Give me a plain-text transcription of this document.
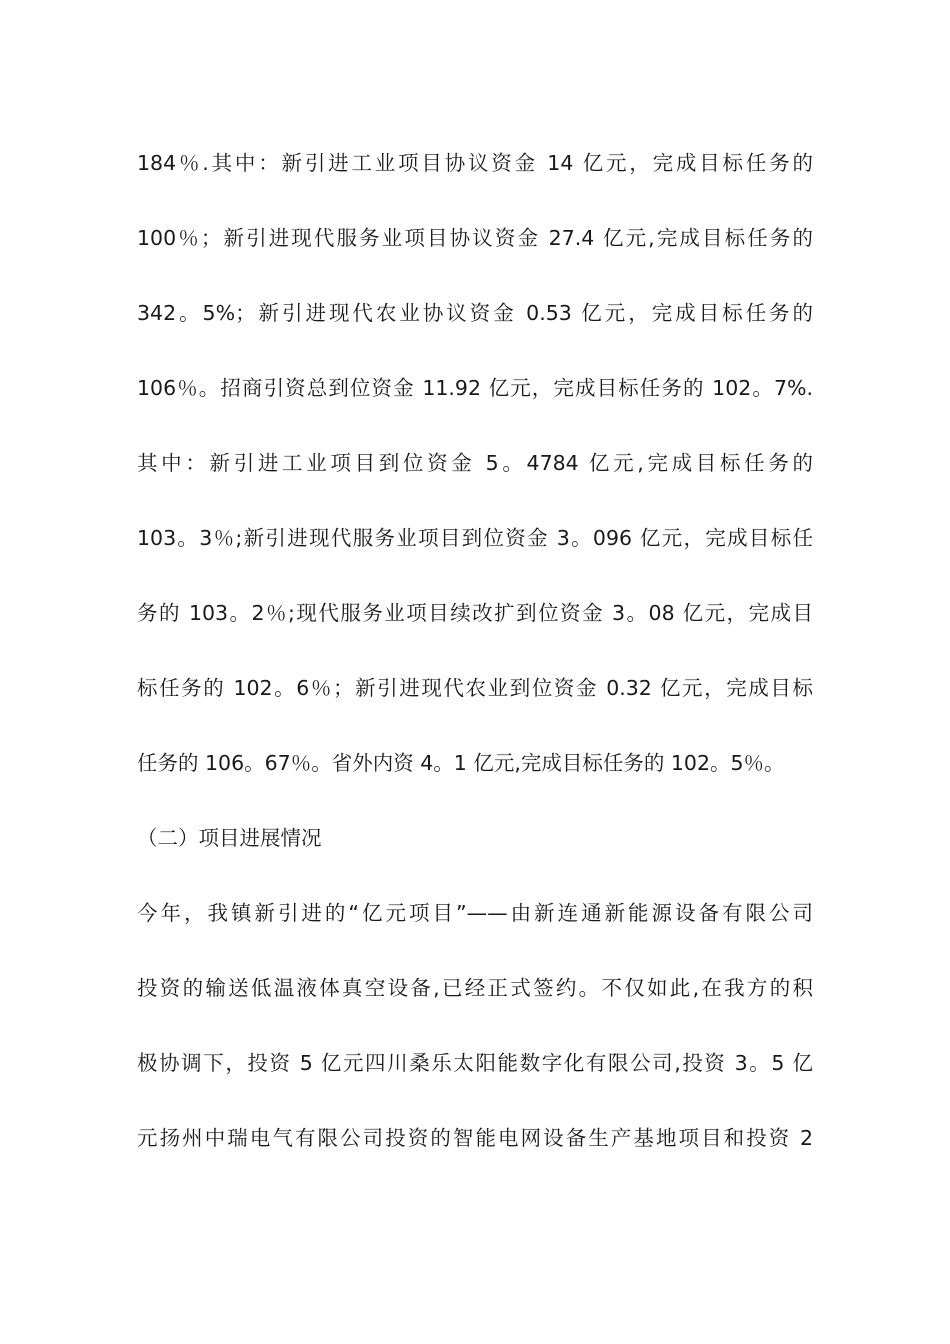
184％.其中：新引进工业项目协议资金 14 亿元，完成目标任务的
100％；新引进现代服务业项目协议资金 27.4 亿元,完成目标任务的
342。5%；新引进现代农业协议资金 0.53 亿元，完成目标任务的
106％。招商引资总到位资金 11.92 亿元，完成目标任务的 102。7%.
其中：新引进工业项目到位资金 5。4784 亿元,完成目标任务的
103。3％;新引进现代服务业项目到位资金 3。096 亿元，完成目标任
务的 103。2％;现代服务业项目续改扩到位资金 3。08 亿元，完成目
标任务的 102。6％；新引进现代农业到位资金 0.32 亿元，完成目标
任务的 106。67％。省外内资 4。1 亿元,完成目标任务的 102。5％。
（二）项目进展情况
今年，我镇新引进的“亿元项目”——由新连通新能源设备有限公司
投资的输送低温液体真空设备,已经正式签约。不仅如此,在我方的积
极协调下，投资 5 亿元四川桑乐太阳能数字化有限公司,投资 3。5 亿
元扬州中瑞电气有限公司投资的智能电网设备生产基地项目和投资 2
